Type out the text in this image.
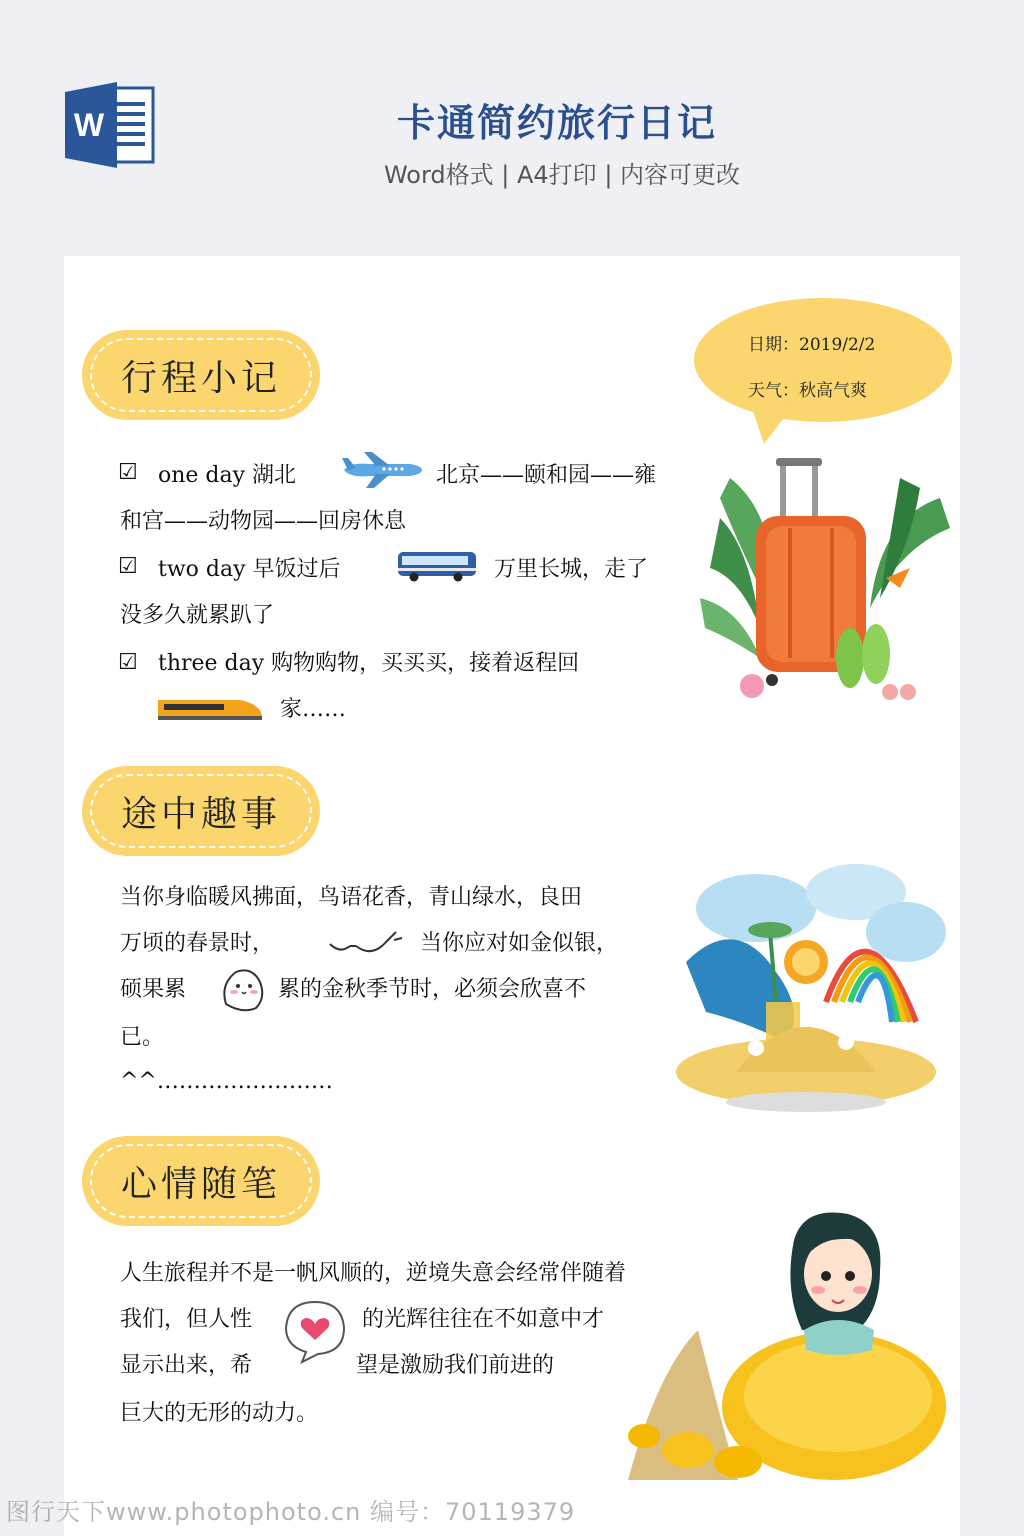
W	卡通简约旅行日记
Word格式 | A4打印 | 内容可更改
行程小记
日期：2019/2/2
天气：秋高气爽
☑ one day 湖北	北京——颐和园——雍
和宫——动物园——回房休息
☑ two day 早饭过后	万里长城，走了
没多久就累趴了
☑ three day 购物购物，买买买，接着返程回
家……
途中趣事
当你身临暖风拂面，鸟语花香，青山绿水，良田
万顷的春景时，	当你应对如金似银，
硕果累	累的金秋季节时，必须会欣喜不
已。
^^……………………
心情随笔
人生旅程并不是一帆风顺的，逆境失意会经常伴随着
我们，但人性	的光辉往往在不如意中才
显示出来，希	望是激励我们前进的
巨大的无形的动力。
图行天下www.photophoto.cn 编号：70119379
